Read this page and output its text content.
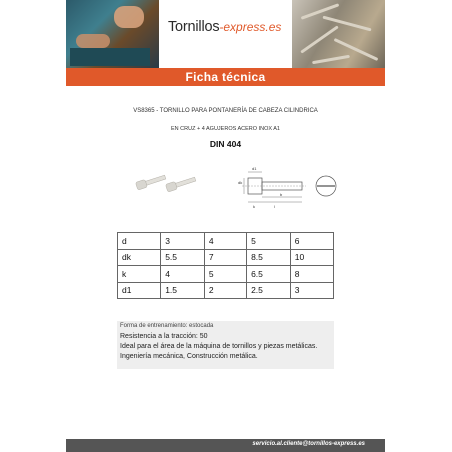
Tornillos-express.es
Ficha técnica
VS8365 - TORNILLO PARA PONTANERÍA DE CABEZA CILINDRICA
EN CRUZ + 4 AGUJEROS ACERO INOX A1
DIN 404
d1
dk
k
b
l
d	3	4	5	6
dk	5.5	7	8.5	10
k	4	5	6.5	8
d1	1.5	2	2.5	3
Forma de entrenamiento: estocada
Resistencia a la tracción: 50
Ideal para el área de la máquina de tornillos y piezas metálicas.
Ingeniería mecánica, Construcción metálica.
servicio.al.cliente@tornillos-express.es
